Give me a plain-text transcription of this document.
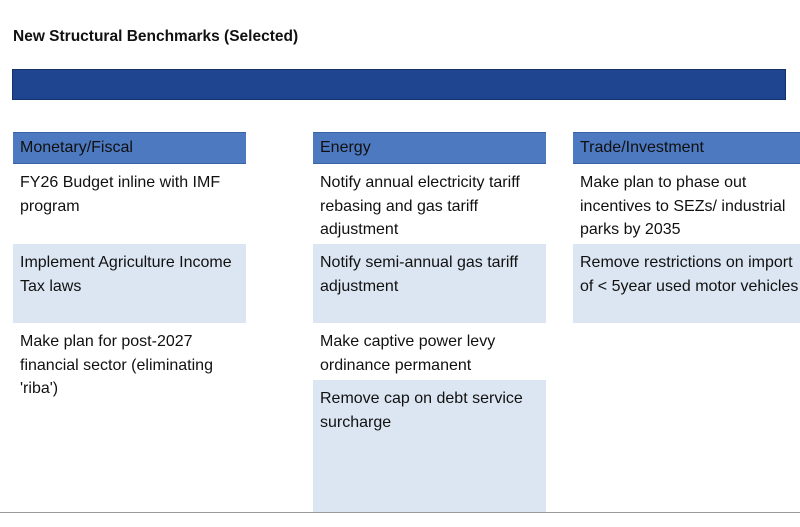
New Structural Benchmarks (Selected)
Monetary/Fiscal
FY26 Budget inline with IMF program
Implement Agriculture Income Tax laws
Make plan for post-2027 financial sector (eliminating 'riba')
Energy
Notify annual electricity tariff rebasing and gas tariff adjustment
Notify semi-annual gas tariff adjustment
Make captive power levy ordinance permanent
Remove cap on debt service surcharge
Trade/Investment
Make plan to phase out incentives to SEZs/ industrial parks by 2035
Remove restrictions on import of < 5year used motor vehicles
